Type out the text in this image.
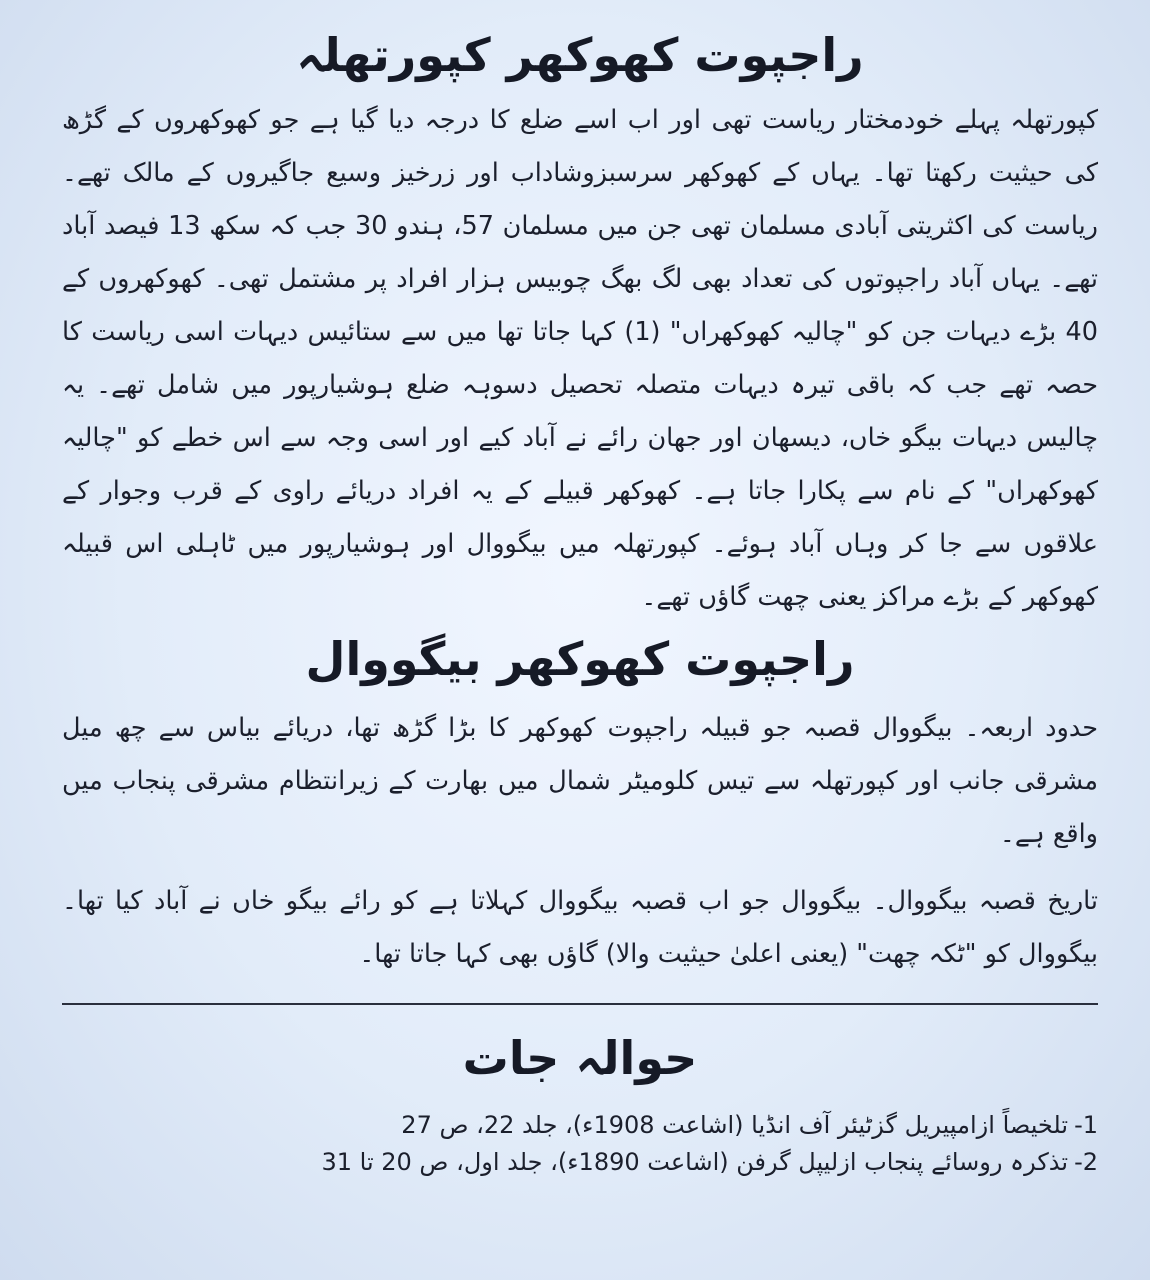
راجپوت کھوکھر کپورتھلہ

کپورتھلہ پہلے خودمختار ریاست تھی اور اب اسے ضلع کا درجہ دیا گیا ہے جو کھوکھروں کے گڑھ کی حیثیت رکھتا تھا۔ یہاں کے کھوکھر سرسبزوشاداب اور زرخیز وسیع جاگیروں کے مالک تھے۔ ریاست کی اکثریتی آبادی مسلمان تھی جن میں مسلمان 57، ہندو 30 جب کہ سکھ 13 فیصد آباد تھے۔ یہاں آباد راجپوتوں کی تعداد بھی لگ بھگ چوبیس ہزار افراد پر مشتمل تھی۔ کھوکھروں کے 40 بڑے دیہات جن کو "چالیہ کھوکھراں" (1) کہا جاتا تھا میں سے ستائیس دیہات اسی ریاست کا حصہ تھے جب کہ باقی تیرہ دیہات متصلہ تحصیل دسوہہ ضلع ہوشیارپور میں شامل تھے۔ یہ چالیس دیہات بیگو خاں، دیسھان اور جھان رائے نے آباد کیے اور اسی وجہ سے اس خطے کو "چالیہ کھوکھراں" کے نام سے پکارا جاتا ہے۔ کھوکھر قبیلے کے یہ افراد دریائے راوی کے قرب وجوار کے علاقوں سے جا کر وہاں آباد ہوئے۔ کپورتھلہ میں بیگووال اور ہوشیارپور میں ٹاہلی اس قبیلہ کھوکھر کے بڑے مراکز یعنی چھت گاؤں تھے۔

راجپوت کھوکھر بیگووال

حدود اربعہ۔ بیگووال قصبہ جو قبیلہ راجپوت کھوکھر کا بڑا گڑھ تھا، دریائے بیاس سے چھ میل مشرقی جانب اور کپورتھلہ سے تیس کلومیٹر شمال میں بھارت کے زیرانتظام مشرقی پنجاب میں واقع ہے۔

تاریخ قصبہ بیگووال۔ بیگووال جو اب قصبہ بیگووال کہلاتا ہے کو رائے بیگو خاں نے آباد کیا تھا۔ بیگووال کو "ٹکہ چھت" (یعنی اعلیٰ حیثیت والا) گاؤں بھی کہا جاتا تھا۔

حوالہ جات
-1
تلخیصاً ازامپیریل گزٹیئر آف انڈیا (اشاعت 1908ء)، جلد 22، ص 27
-2
تذکرہ روسائے پنجاب ازلیپل گرفن (اشاعت 1890ء)، جلد اول، ص 20 تا 31
